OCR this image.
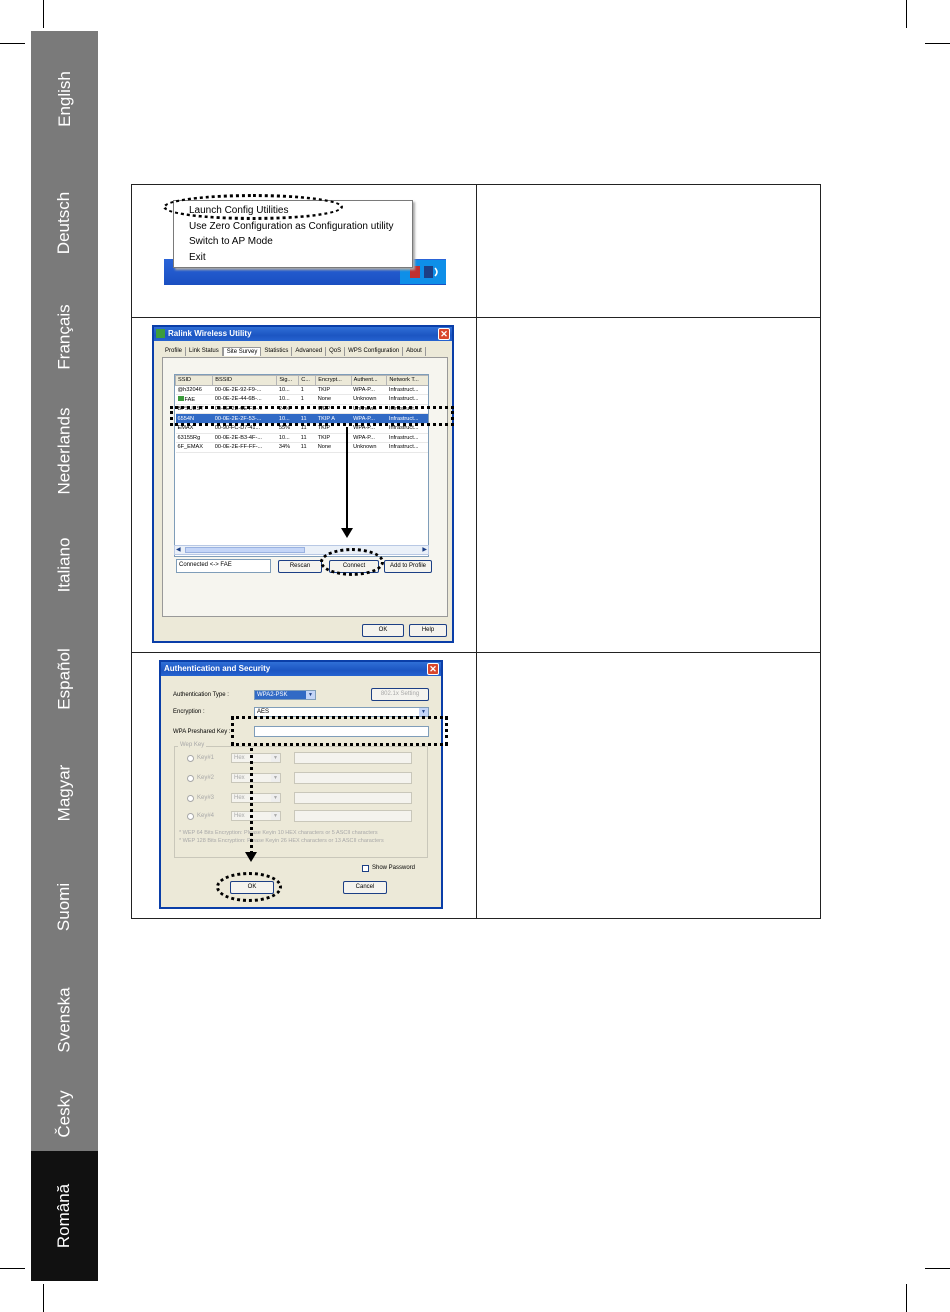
English
Deutsch
Français
Nederlands
Italiano
Español
Magyar
Suomi
Svenska
Česky
Română
Launch Config Utilities
Use Zero Configuration as Configuration utility
Switch to AP Mode
Exit
Ralink Wireless Utility	✕
Profile	Link Status	Site Survey	Statistics	Advanced	QoS	WPS Configuration	About
SSID	BSSID	Sig...	C...	Encrypt...	Authent...	Network T...
@h32046	00-0E-2E-92-F9-...	10...	1	TKIP	WPA-P...	Infrastruct...
FAE	00-0E-2E-44-6B-...	10...	1	None	Unknown	Infrastruct...
BPSUEST	00-0E-2E-6E-FB-...	24%	2	WEP	Unknown	Infrastruct...
6554N	00-0E-2E-2F-53-...	10...	11	TKIP A	WPA-P...	Infrastruct...
EMAX	00-90-FC-D7-41...	55%	11	TKIP	WPA-P...	Infrastruct...
63155Rg	00-0E-2E-B3-4F-...	10...	11	TKIP	WPA-P...	Infrastruct...
6F_EMAX	00-0E-2E-FF-FF-...	34%	11	None	Unknown	Infrastruct...
◀	▶
Connected <-> FAE	Rescan	Connect	Add to Profile
OK	Help
Authentication and Security	✕
Authentication Type :	WPA2-PSK	▼	802.1x Setting
Encryption :	AES	▼
WPA Preshared Key :
Wep Key
Key#1	Hex	▼
Key#2	Hex	▼
Key#3	Hex	▼
Key#4	Hex	▼
* WEP 64 Bits Encryption: Please Keyin 10 HEX characters or 5 ASCII characters
* WEP 128 Bits Encryption: Please Keyin 26 HEX characters or 13 ASCII characters
Show Password
OK	Cancel
